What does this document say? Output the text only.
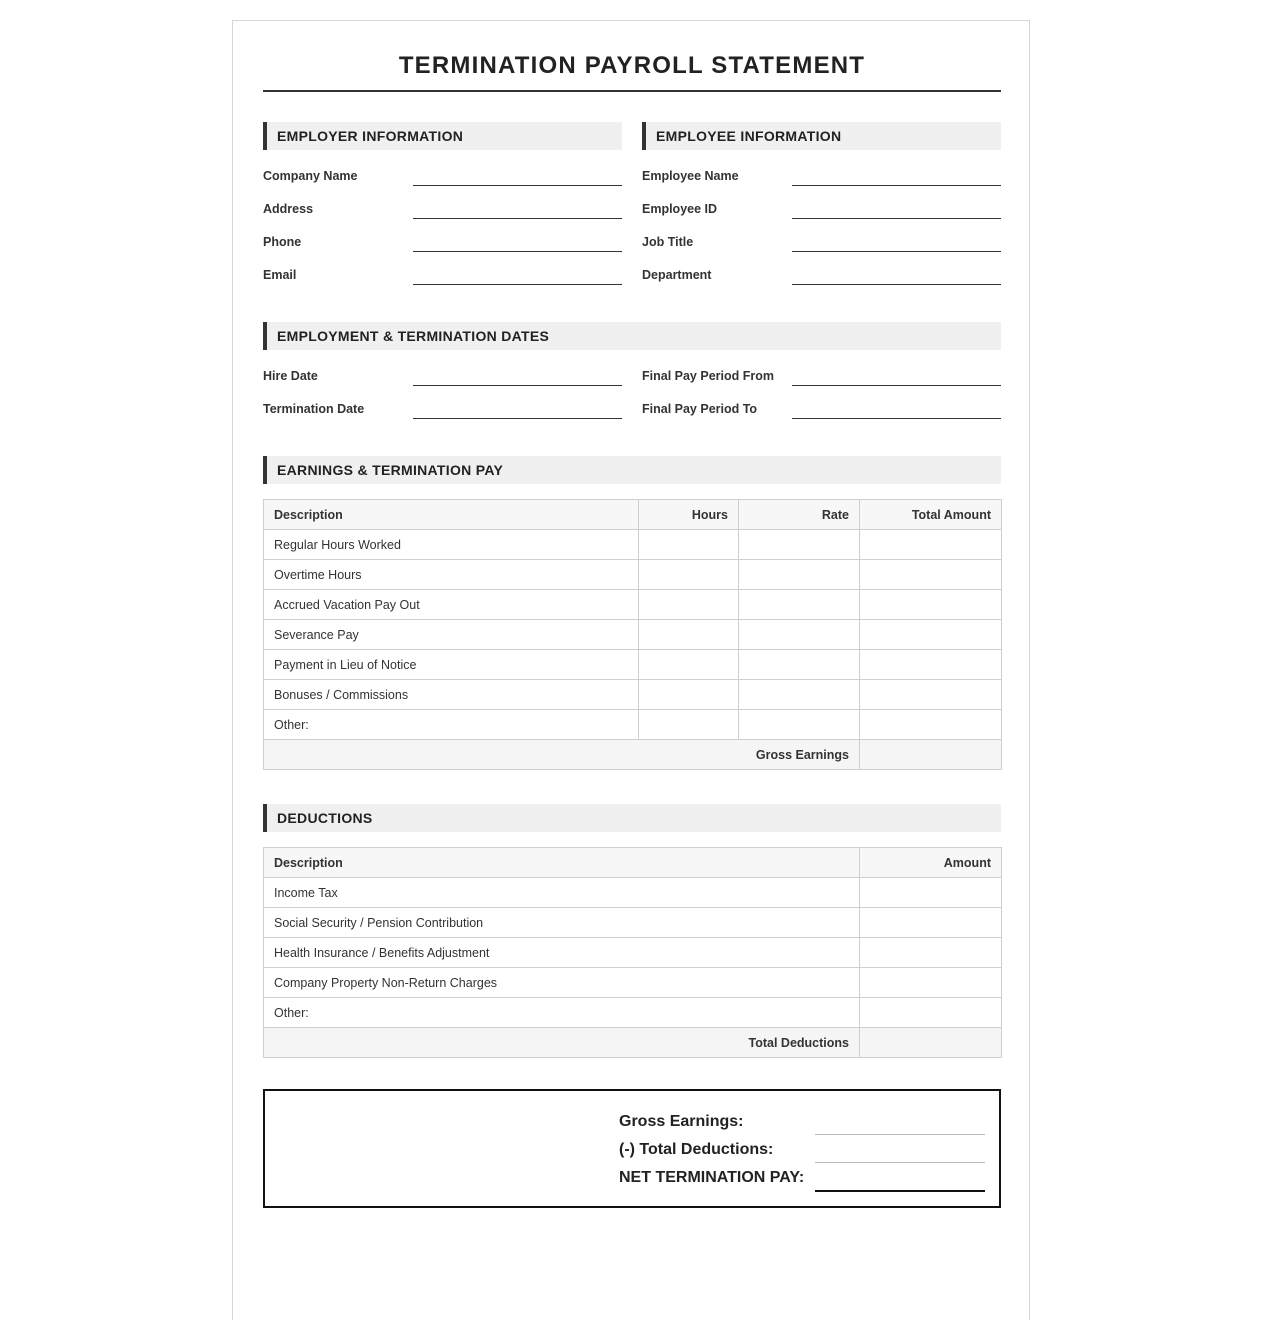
TERMINATION PAYROLL STATEMENT
EMPLOYER INFORMATION	EMPLOYEE INFORMATION
Company Name
Address
Phone
Email
Employee Name
Employee ID
Job Title
Department
EMPLOYMENT & TERMINATION DATES
Hire Date
Termination Date
Final Pay Period From
Final Pay Period To
EARNINGS & TERMINATION PAY
Description	Hours	Rate	Total Amount
Regular Hours Worked			
Overtime Hours			
Accrued Vacation Pay Out			
Severance Pay			
Payment in Lieu of Notice			
Bonuses / Commissions			
Other:			
Gross Earnings			
DEDUCTIONS
Description	Amount
Income Tax	
Social Security / Pension Contribution	
Health Insurance / Benefits Adjustment	
Company Property Non-Return Charges	
Other:	
Total Deductions	
Gross Earnings:
(-) Total Deductions:
NET TERMINATION PAY:
